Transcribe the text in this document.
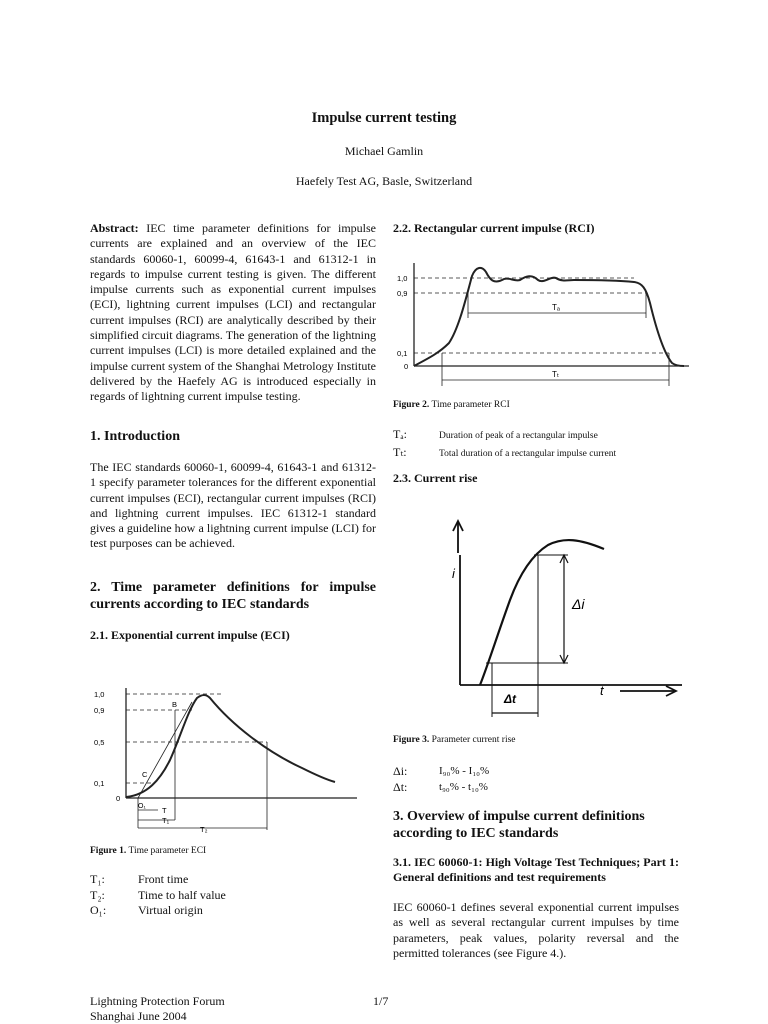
Impulse current testing
Michael Gamlin
Haefely Test AG, Basle, Switzerland
Abstract: IEC time parameter definitions for impulse currents are explained and an overview of the IEC standards 60060-1, 60099-4, 61643-1 and 61312-1 in regards to impulse current testing is given. The different impulse currents such as exponential current impulses (ECI), lightning current impulses (LCI) and rectangular current impulses (RCI) are analytically described by their simplified circuit diagrams. The generation of the lightning current impulses (LCI) is more detailed explained and the impulse current system of the Shanghai Metrology Institute delivered by the Haefely AG is introduced especially in regards of lightning current impulse testing.
1. Introduction
The IEC standards 60060-1, 60099-4, 61643-1 and 61312-1 specify parameter tolerances for the different exponential current impulses (ECI), rectangular current impulses (RCI) and lightning current impulses. IEC 61312-1 standard gives a guideline how a lightning current impulse (LCI) for test purposes can be achieved.
2. Time parameter definitions for impulse currents according to IEC standards
2.1. Exponential current impulse (ECI)
1,0
0,9
0,5
0,1
0
B
C
O₁ T
T₁
T₂
Figure 1. Time parameter ECI
T₁:	Front time
T₂:	Time to half value
O₁:	Virtual origin
2.2. Rectangular current impulse (RCI)
1,0
0,9
0,1
0
Tₐ
Tₜ
Figure 2. Time parameter RCI
Tₐ:	Duration of peak of a rectangular impulse
Tₜ:	Total duration of a rectangular impulse current
2.3. Current rise
i
Δi
Δt
t
Figure 3. Parameter current rise
Δi:	I₉₀% - I₁₀%
Δt:	t₉₀% - t₁₀%
3. Overview of impulse current definitions according to IEC standards
3.1. IEC 60060-1: High Voltage Test Techniques; Part 1: General definitions and test requirements
IEC 60060-1 defines several exponential current impulses as well as several rectangular current impulses by time parameters, peak values, polarity reversal and the permitted tolerances (see Figure 4.).
Lightning Protection Forum
Shanghai June 2004
1/7
